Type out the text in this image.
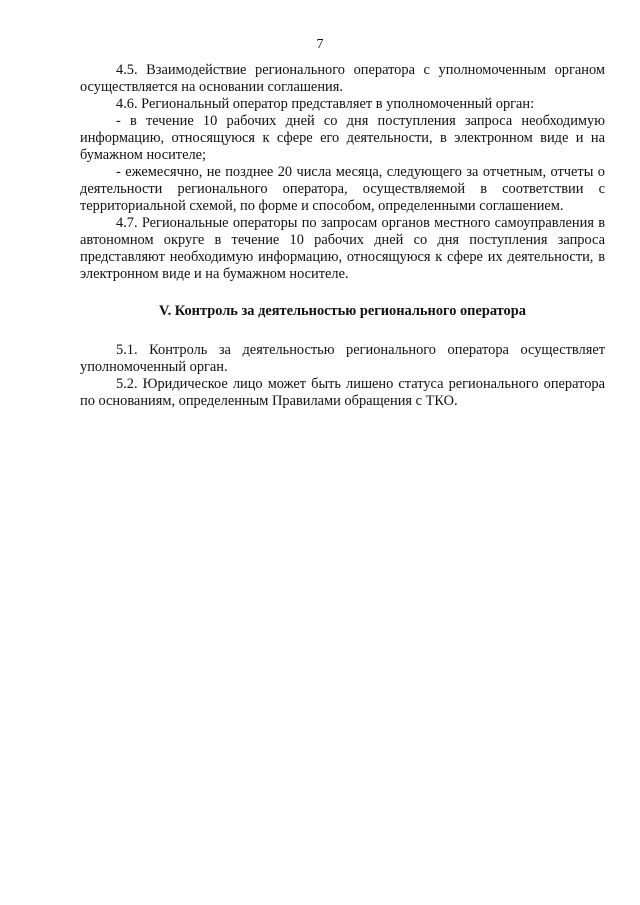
7

4.5. Взаимодействие регионального оператора с уполномоченным органом осуществляется на основании соглашения.

4.6. Региональный оператор представляет в уполномоченный орган:

- в течение 10 рабочих дней со дня поступления запроса необходимую информацию, относящуюся к сфере его деятельности, в электронном виде и на бумажном носителе;

- ежемесячно, не позднее 20 числа месяца, следующего за отчетным, отчеты о деятельности регионального оператора, осуществляемой в соответствии с территориальной схемой, по форме и способом, определенными соглашением.

4.7. Региональные операторы по запросам органов местного самоуправления в автономном округе в течение 10 рабочих дней со дня поступления запроса представляют необходимую информацию, относящуюся к сфере их деятельности, в электронном виде и на бумажном носителе.

V. Контроль за деятельностью регионального оператора

5.1. Контроль за деятельностью регионального оператора осуществляет уполномоченный орган.

5.2. Юридическое лицо может быть лишено статуса регионального оператора по основаниям, определенным Правилами обращения с ТКО.
